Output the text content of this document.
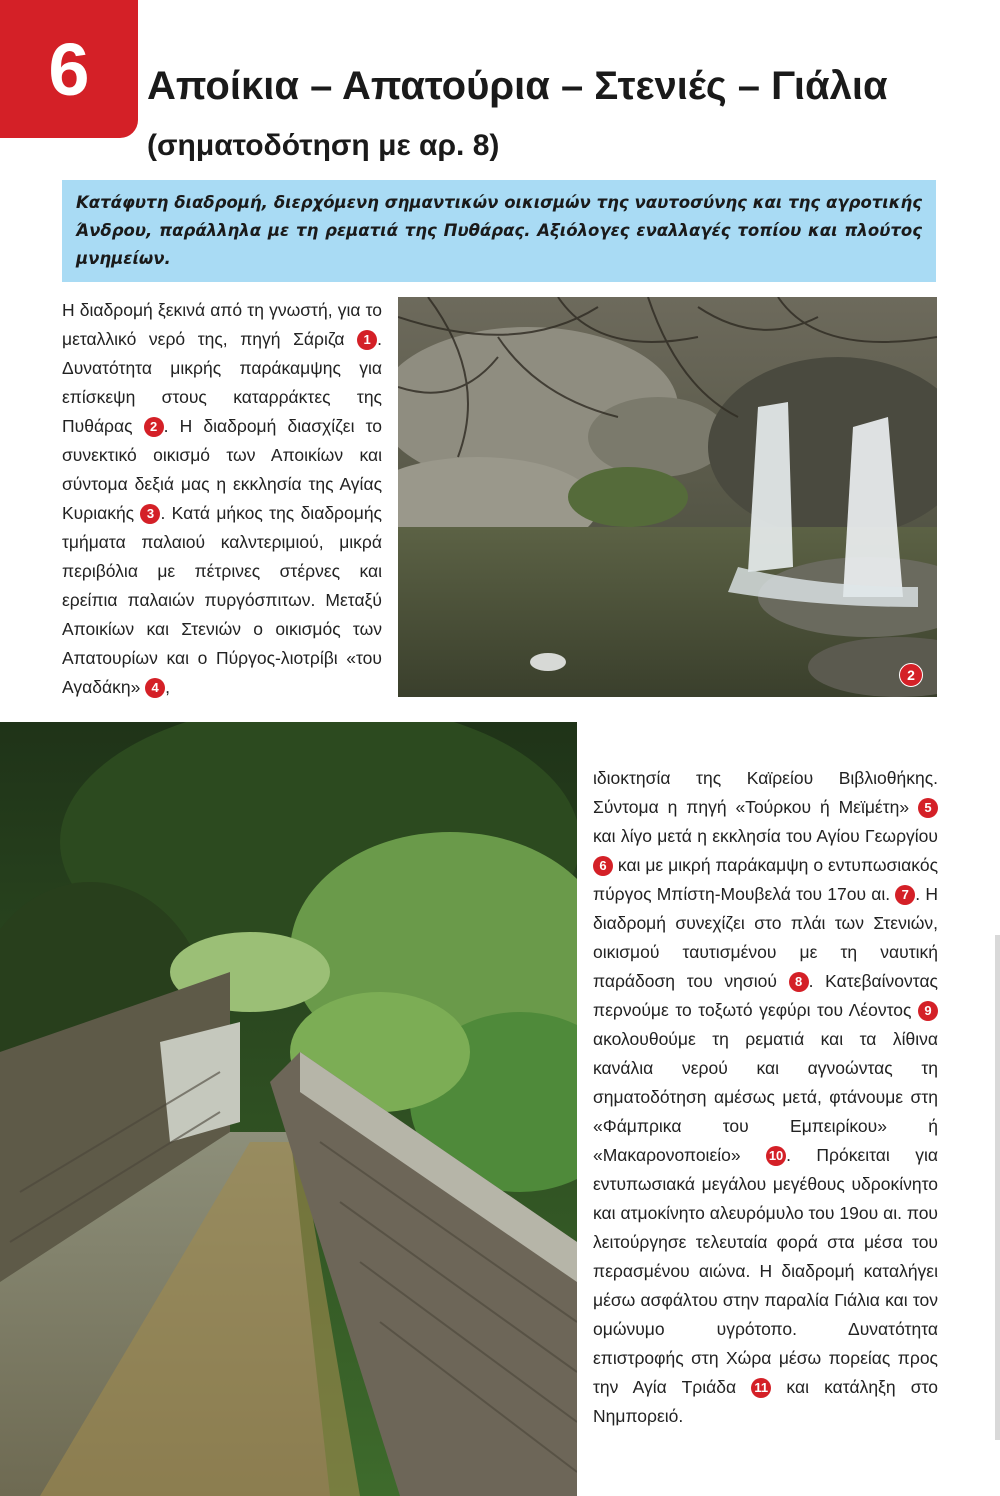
6 Αποίκια – Απατούρια – Στενιές – Γιάλια (σηματοδότηση με αρ. 8)

Κατάφυτη διαδρομή, διερχόμενη σημαντικών οικισμών της ναυτοσύνης και της αγροτικής Άνδρου, παράλληλα με τη ρεματιά της Πυθάρας. Αξιόλογες εναλλαγές τοπίου και πλούτος μνημείων.

Η διαδρομή ξεκινά από τη γνωστή, για το μεταλλικό νερό της, πηγή Σάριζα 1 . Δυνατότητα μικρής παράκαμψης για επίσκεψη στους καταρράκτες της Πυθάρας 2 . Η διαδρομή διασχίζει το συνεκτικό οικισμό των Αποικίων και σύντομα δεξιά μας η εκκλησία της Αγίας Κυριακής 3 . Κατά μήκος της διαδρομής τμήματα παλαιού καλντεριμιού, μικρά περιβόλια με πέτρινες στέρνες και ερείπια παλαιών πυργόσπιτων. Μεταξύ Αποικίων και Στενιών ο οικισμός των Απατουρίων και ο Πύργος-λιοτρίβι «του Αγαδάκη» 4 ,

2

ιδιοκτησία της Καϊρείου Βιβλιοθήκης. Σύντομα η πηγή «Τούρκου ή Μεϊμέτη» 5 και λίγο μετά η εκκλησία του Αγίου Γεωργίου 6 και με μικρή παράκαμψη ο εντυπωσιακός πύργος Μπίστη-Μουβελά του 17ου αι. 7 . Η διαδρομή συνεχίζει στο πλάι των Στενιών, οικισμού ταυτισμένου με τη ναυτική παράδοση του νησιού 8 . Κατεβαίνοντας περνούμε το τοξωτό γεφύρι του Λέοντος 9 ακολουθούμε τη ρεματιά και τα λίθινα κανάλια νερού και αγνοώντας τη σηματοδότηση αμέσως μετά, φτάνουμε στη «Φάμπρικα του Εμπειρίκου» ή «Μακαρονοποιείο» 10 . Πρόκειται για εντυπωσιακά μεγάλου μεγέθους υδροκίνητο και ατμοκίνητο αλευρόμυλο του 19ου αι. που λειτούργησε τελευταία φορά στα μέσα του περασμένου αιώνα. Η διαδρομή καταλήγει μέσω ασφάλτου στην παραλία Γιάλια και τον ομώνυμο υγρότοπο. Δυνατότητα επιστροφής στη Χώρα μέσω πορείας προς την Αγία Τριάδα 11 και κατάληξη στο Νημπορειό.
